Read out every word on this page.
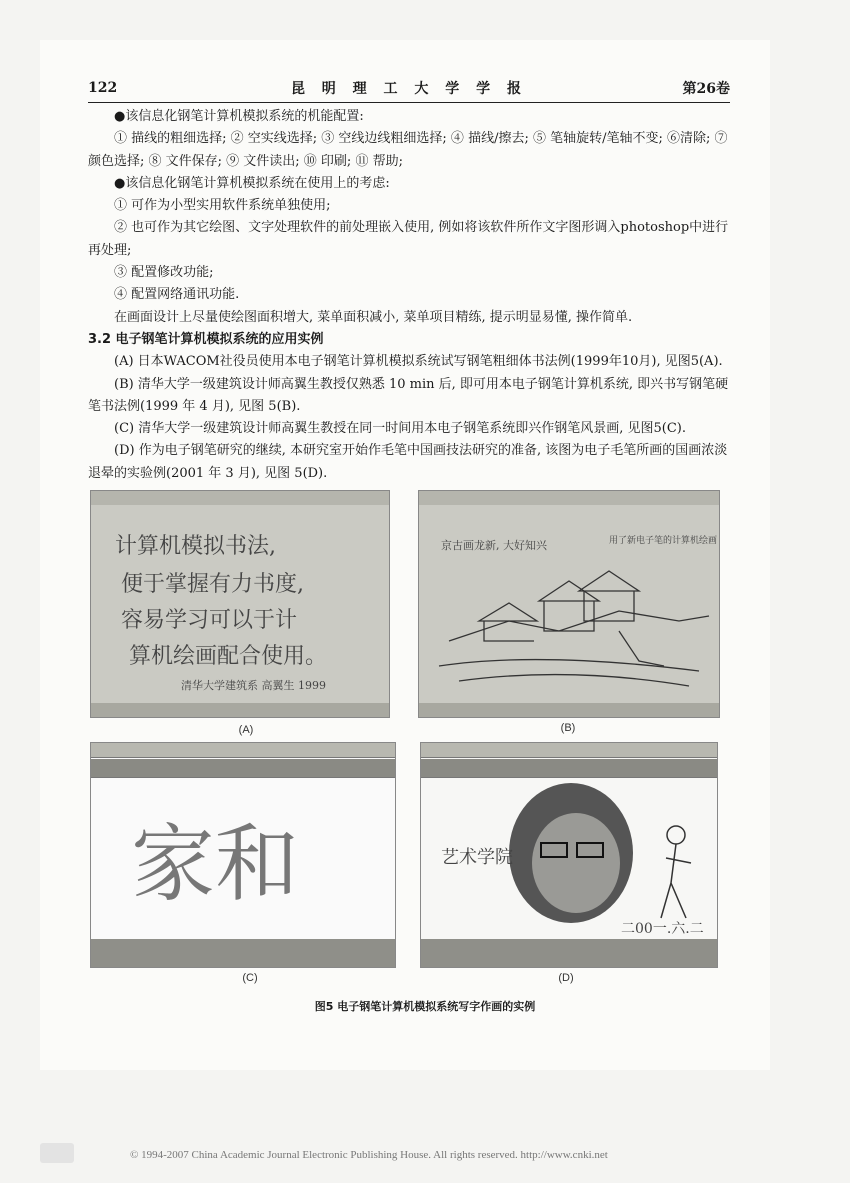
122	昆 明 理 工 大 学 学 报	第26卷

●该信息化钢笔计算机模拟系统的机能配置:

① 描线的粗细选择; ② 空实线选择; ③ 空线边线粗细选择; ④ 描线/擦去; ⑤ 笔轴旋转/笔轴不变; ⑥清除; ⑦ 颜色选择; ⑧ 文件保存; ⑨ 文件读出; ⑩ 印刷; ⑪ 帮助;

●该信息化钢笔计算机模拟系统在使用上的考虑:

① 可作为小型实用软件系统单独使用;

② 也可作为其它绘图、文字处理软件的前处理嵌入使用, 例如将该软件所作文字图形调入photoshop中进行再处理;

③ 配置修改功能;

④ 配置网络通讯功能.

在画面设计上尽量使绘图面积增大, 菜单面积减小, 菜单项目精练, 提示明显易懂, 操作简单.

3.2 电子钢笔计算机模拟系统的应用实例

(A) 日本WACOM社役员使用本电子钢笔计算机模拟系统试写钢笔粗细体书法例(1999年10月), 见图5(A).

(B) 清华大学一级建筑设计师高翼生教授仅熟悉 10 min 后, 即可用本电子钢笔计算机系统, 即兴书写钢笔硬笔书法例(1999 年 4 月), 见图 5(B).

(C) 清华大学一级建筑设计师高翼生教授在同一时间用本电子钢笔系统即兴作钢笔风景画, 见图5(C).

(D) 作为电子钢笔研究的继续, 本研究室开始作毛笔中国画技法研究的准备, 该图为电子毛笔所画的国画浓淡退晕的实验例(2001 年 3 月), 见图 5(D).

计算机模拟书法,
便于掌握有力书度,
容易学习可以于计
算机绘画配合使用。
清华大学建筑系 高翼生 1999
(A)
京古画龙新, 大好知兴	用了新电子笔的计算机绘画
(B)
家和
(C)
艺术学院
二00一.六.二
(D)
图5 电子钢笔计算机模拟系统写字作画的实例
© 1994-2007 China Academic Journal Electronic Publishing House. All rights reserved. http://www.cnki.net
